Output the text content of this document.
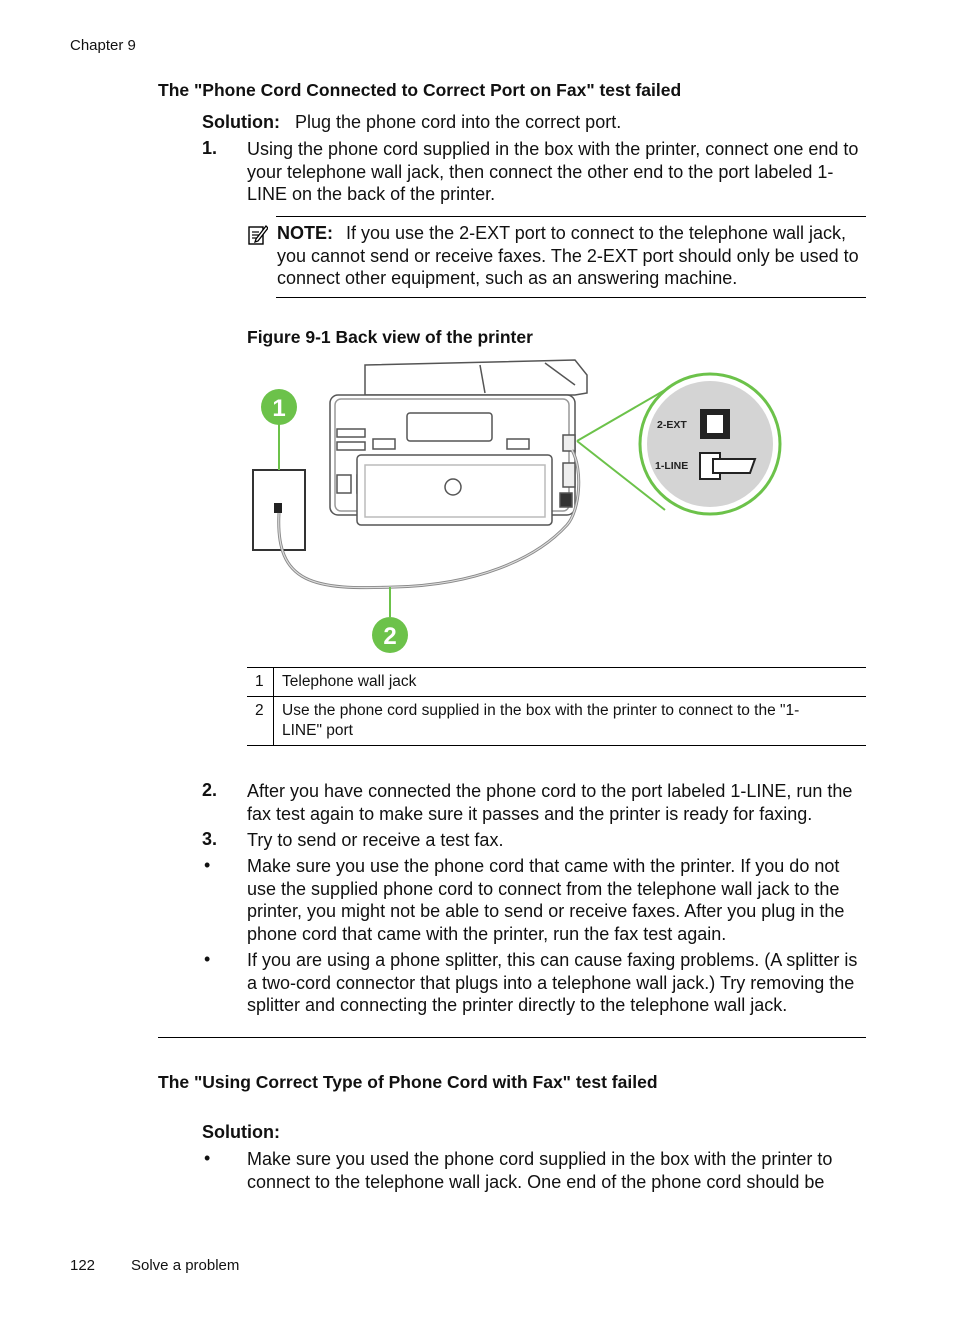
Chapter 9
The "Phone Cord Connected to Correct Port on Fax" test failed
Solution: Plug the phone cord into the correct port.
1. Using the phone cord supplied in the box with the printer, connect one end to your telephone wall jack, then connect the other end to the port labeled 1-LINE on the back of the printer.
NOTE: If you use the 2-EXT port to connect to the telephone wall jack, you cannot send or receive faxes. The 2-EXT port should only be used to connect other equipment, such as an answering machine.
Figure 9-1 Back view of the printer
1
2
2-EXT
1-LINE
1	Telephone wall jack
2	Use the phone cord supplied in the box with the printer to connect to the "1-LINE" port
2. After you have connected the phone cord to the port labeled 1-LINE, run the fax test again to make sure it passes and the printer is ready for faxing.
3. Try to send or receive a test fax.
• Make sure you use the phone cord that came with the printer. If you do not use the supplied phone cord to connect from the telephone wall jack to the printer, you might not be able to send or receive faxes. After you plug in the phone cord that came with the printer, run the fax test again.
• If you are using a phone splitter, this can cause faxing problems. (A splitter is a two-cord connector that plugs into a telephone wall jack.) Try removing the splitter and connecting the printer directly to the telephone wall jack.
The "Using Correct Type of Phone Cord with Fax" test failed
Solution:
• Make sure you used the phone cord supplied in the box with the printer to connect to the telephone wall jack. One end of the phone cord should be
122 Solve a problem
